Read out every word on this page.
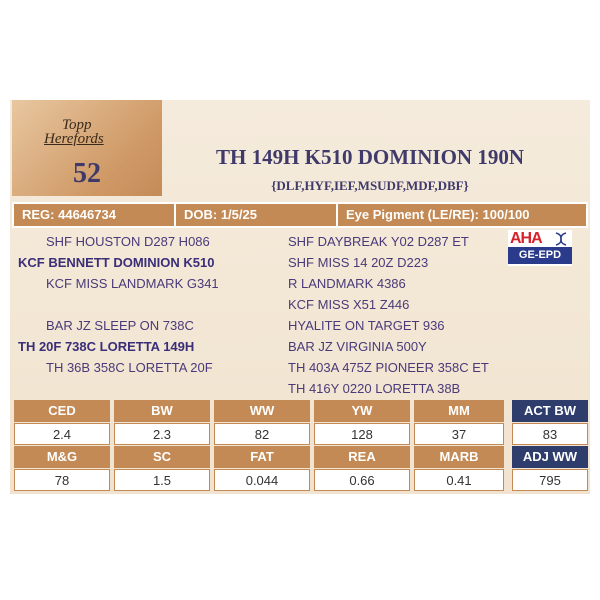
Topp
Herefords
52
TH 149H K510 DOMINION 190N
{DLF,HYF,IEF,MSUDF,MDF,DBF}
REG: 44646734	DOB: 1/5/25	Eye Pigment (LE/RE): 100/100
SHF HOUSTON D287 H086
KCF BENNETT DOMINION K510
KCF MISS LANDMARK G341
BAR JZ SLEEP ON 738C
TH 20F 738C LORETTA 149H
TH 36B 358C LORETTA 20F
SHF DAYBREAK Y02 D287 ET
SHF MISS 14 20Z D223
R LANDMARK 4386
KCF MISS X51 Z446
HYALITE ON TARGET 936
BAR JZ VIRGINIA 500Y
TH 403A 475Z PIONEER 358C ET
TH 416Y 0220 LORETTA 38B
AHA
GE-EPD
CED	BW	WW	YW	MM	ACT BW
2.4	2.3	82	128	37	83
M&G	SC	FAT	REA	MARB	ADJ WW
78	1.5	0.044	0.66	0.41	795
